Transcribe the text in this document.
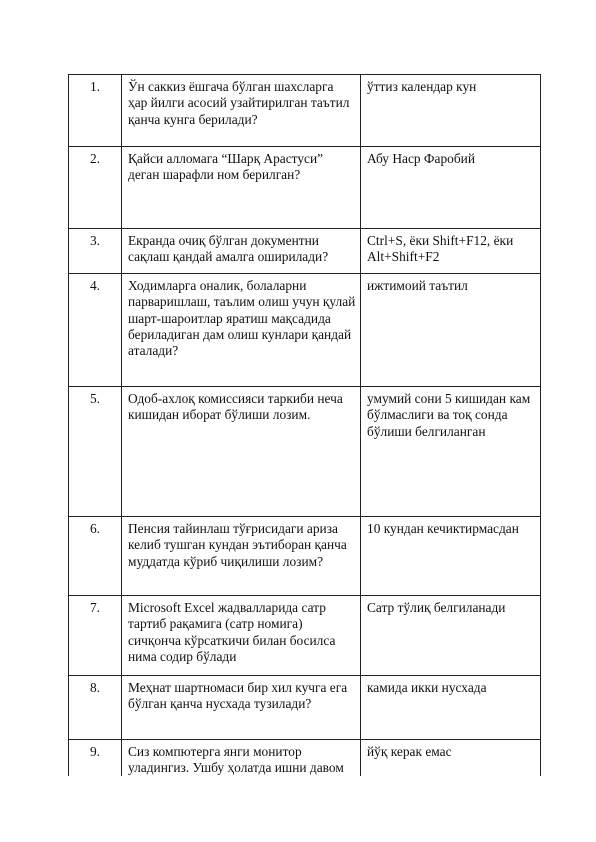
1.	Ўн саккиз ёшгача бўлган шахсларга ҳар йилги асосий узайтирилган таътил қанча кунга берилади?	ўттиз календар кун
2.	Қайси алломага “Шарқ Арастуси” деган шарафли ном берилган?	Абу Наср Фаробий
3.	Екранда очиқ бўлган документни сақлаш қандай амалга оширилади?	Ctrl+S, ёки Shift+F12, ёки Alt+Shift+F2
4.	Ходимларга оналик, болаларни парваришлаш, таълим олиш учун қулай шарт-шароитлар яратиш мақсадида бериладиган дам олиш кунлари қандай аталади?	ижтимоий таътил
5.	Одоб-ахлоқ комиссияси таркиби неча кишидан иборат бўлиши лозим.	умумий сони 5 кишидан кам бўлмаслиги ва тоқ сонда бўлиши белгиланган
6.	Пенсия тайинлаш тўғрисидаги ариза келиб тушган кундан эътиборан қанча муддатда кўриб чиқилиши лозим?	10 кундан кечиктирмасдан
7.	Microsoft Excel жадвалларида сатр тартиб рақамига (сатр номига) сичқонча кўрсаткичи билан босилса нима содир бўлади	Сатр тўлиқ белгиланади
8.	Меҳнат шартномаси бир хил кучга ега бўлган қанча нусхада тузилади?	камида икки нусхада
9.	Сиз компютерга янги монитор уладингиз. Ушбу ҳолатда ишни давом	йўқ керак емас
